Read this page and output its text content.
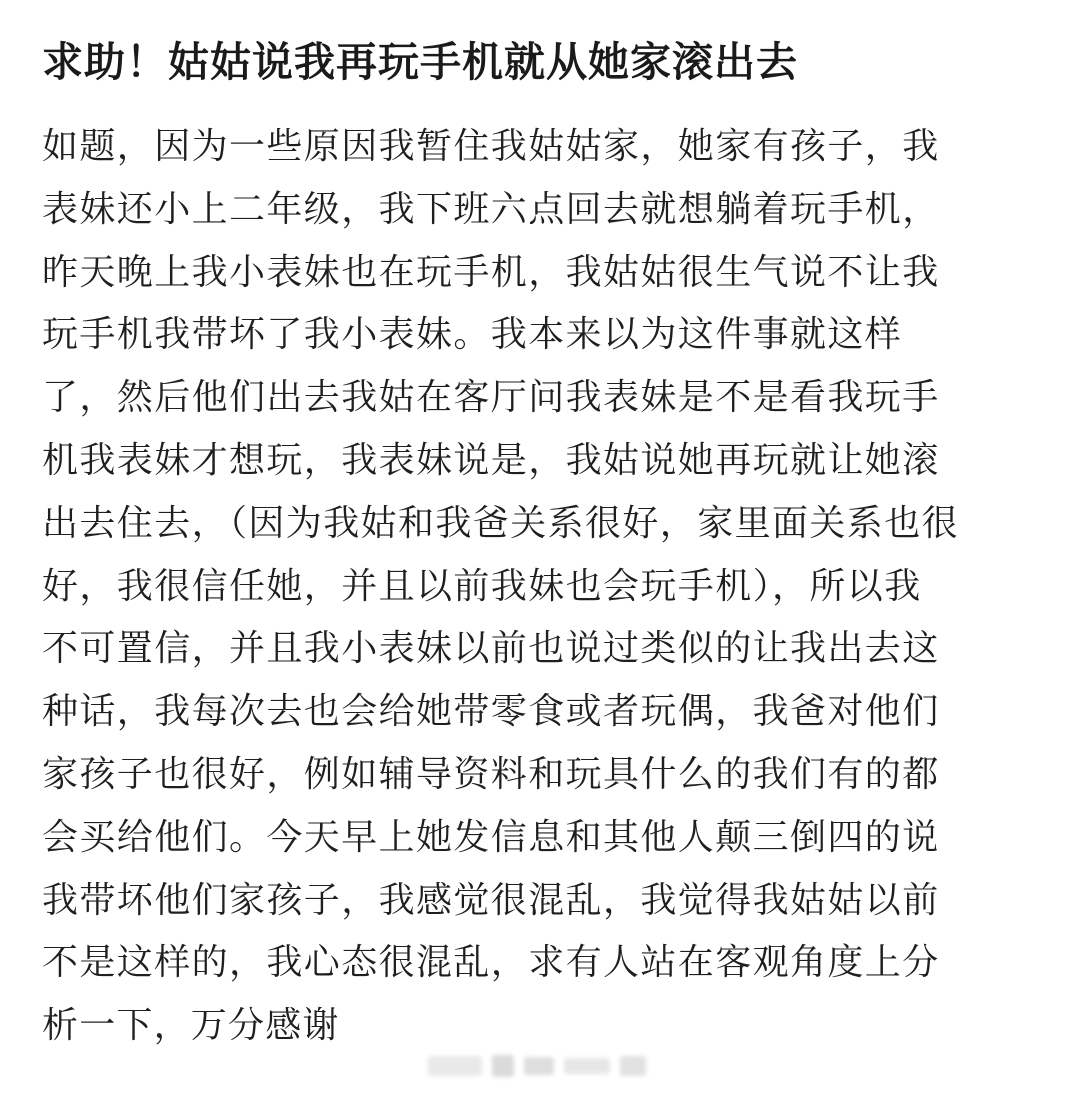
求助！姑姑说我再玩手机就从她家滚出去
如题，因为一些原因我暂住我姑姑家，她家有孩子，我
表妹还小上二年级，我下班六点回去就想躺着玩手机，
昨天晚上我小表妹也在玩手机，我姑姑很生气说不让我
玩手机我带坏了我小表妹。我本来以为这件事就这样
了，然后他们出去我姑在客厅问我表妹是不是看我玩手
机我表妹才想玩，我表妹说是，我姑说她再玩就让她滚
出去住去，（因为我姑和我爸关系很好，家里面关系也很
好，我很信任她，并且以前我妹也会玩手机），所以我
不可置信，并且我小表妹以前也说过类似的让我出去这
种话，我每次去也会给她带零食或者玩偶，我爸对他们
家孩子也很好，例如辅导资料和玩具什么的我们有的都
会买给他们。今天早上她发信息和其他人颠三倒四的说
我带坏他们家孩子，我感觉很混乱，我觉得我姑姑以前
不是这样的，我心态很混乱，求有人站在客观角度上分
析一下，万分感谢
